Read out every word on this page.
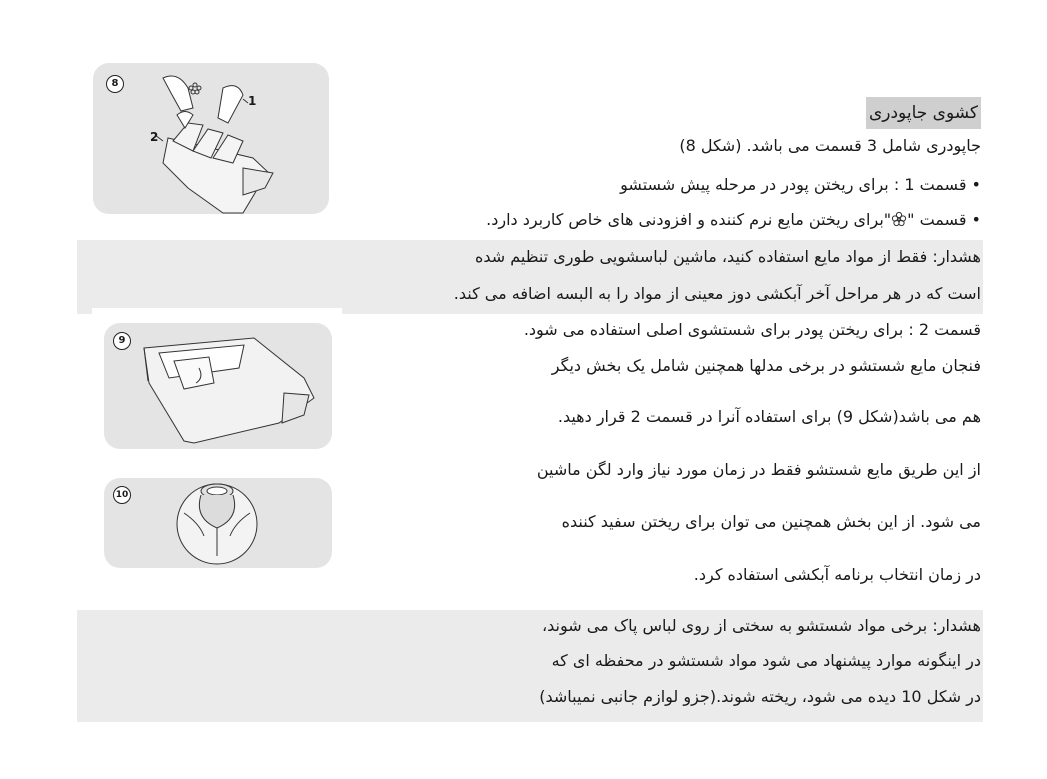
کشوی جاپودری
جاپودری شامل 3 قسمت می باشد. (شکل 8)
• قسمت 1 : برای ریختن پودر در مرحله پیش شستشو
• قسمت ""برای ریختن مایع نرم کننده و افزودنی های خاص کاربرد دارد.
هشدار: فقط از مواد مایع استفاده کنید، ماشین لباسشویی طوری تنظیم شده
است که در هر مراحل آخر آبکشی دوز معینی از مواد را به البسه اضافه می کند.
قسمت 2 : برای ریختن پودر برای شستشوی اصلی استفاده می شود.
فنجان مایع شستشو در برخی مدلها همچنین شامل یک بخش دیگر
هم می باشد(شکل 9) برای استفاده آنرا در قسمت 2 قرار دهید.
از این طریق مایع شستشو فقط در زمان مورد نیاز وارد لگن ماشین
می شود. از این بخش همچنین می توان برای ریختن سفید کننده
در زمان انتخاب برنامه آبکشی استفاده کرد.
هشدار: برخی مواد شستشو به سختی از روی لباس پاک می شوند،
در اینگونه موارد پیشنهاد می شود مواد شستشو در محفظه ای که
در شکل 10 دیده می شود، ریخته شوند.(جزو لوازم جانبی نمیباشد)
8
1
2
9
10
